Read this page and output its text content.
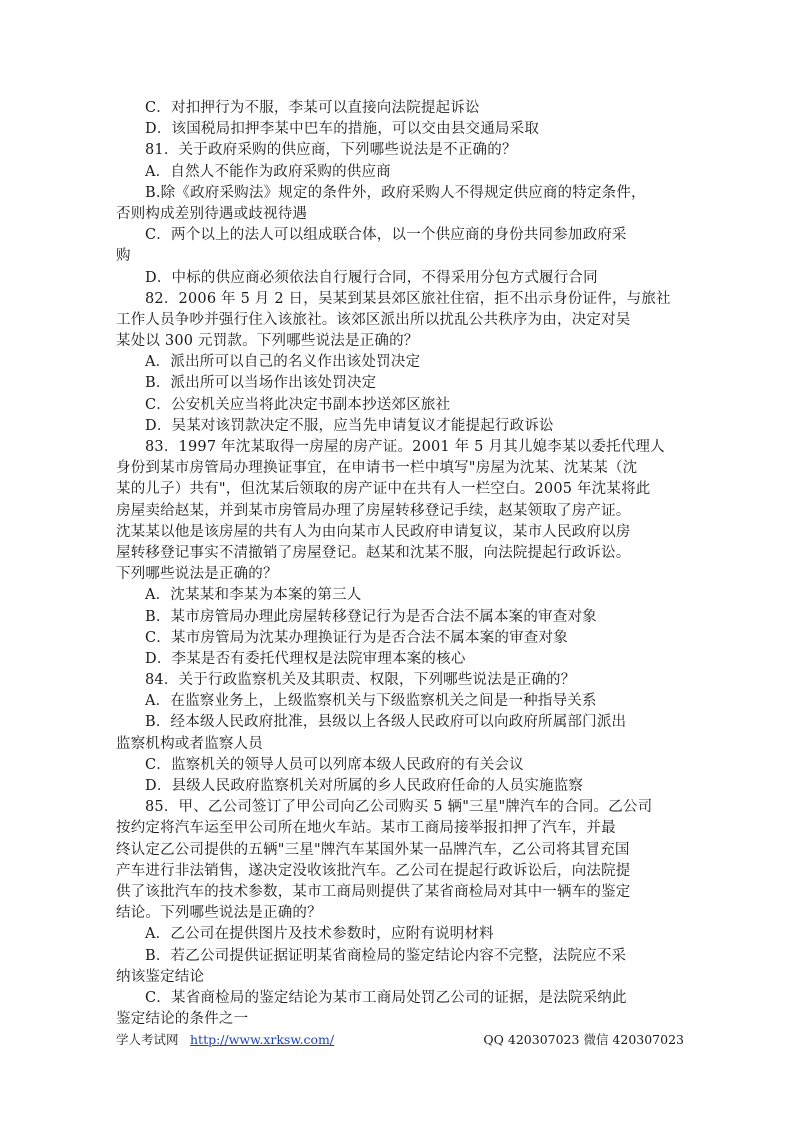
C．对扣押行为不服，李某可以直接向法院提起诉讼
D．该国税局扣押李某中巴车的措施，可以交由县交通局采取
81．关于政府采购的供应商，下列哪些说法是不正确的？
A．自然人不能作为政府采购的供应商
B.除《政府采购法》规定的条件外，政府采购人不得规定供应商的特定条件，
否则构成差别待遇或歧视待遇
C．两个以上的法人可以组成联合体，以一个供应商的身份共同参加政府采
购
D．中标的供应商必须依法自行履行合同，不得采用分包方式履行合同
82．2006 年 5 月 2 日，吴某到某县郊区旅社住宿，拒不出示身份证件，与旅社
工作人员争吵并强行住入该旅社。该郊区派出所以扰乱公共秩序为由，决定对吴
某处以 300 元罚款。下列哪些说法是正确的？
A．派出所可以自己的名义作出该处罚决定
B．派出所可以当场作出该处罚决定
C．公安机关应当将此决定书副本抄送郊区旅社
D．吴某对该罚款决定不服，应当先申请复议才能提起行政诉讼
83．1997 年沈某取得一房屋的房产证。2001 年 5 月其儿媳李某以委托代理人
身份到某市房管局办理换证事宜，在申请书一栏中填写"房屋为沈某、沈某某（沈
某的儿子）共有"，但沈某后领取的房产证中在共有人一栏空白。2005 年沈某将此
房屋卖给赵某，并到某市房管局办理了房屋转移登记手续，赵某领取了房产证。
沈某某以他是该房屋的共有人为由向某市人民政府申请复议，某市人民政府以房
屋转移登记事实不清撤销了房屋登记。赵某和沈某不服，向法院提起行政诉讼。
下列哪些说法是正确的？
A．沈某某和李某为本案的第三人
B．某市房管局办理此房屋转移登记行为是否合法不属本案的审查对象
C．某市房管局为沈某办理换证行为是否合法不属本案的审查对象
D．李某是否有委托代理权是法院审理本案的核心
84．关于行政监察机关及其职责、权限，下列哪些说法是正确的？
A．在监察业务上，上级监察机关与下级监察机关之间是一种指导关系
B．经本级人民政府批准，县级以上各级人民政府可以向政府所属部门派出
监察机构或者监察人员
C．监察机关的领导人员可以列席本级人民政府的有关会议
D．县级人民政府监察机关对所属的乡人民政府任命的人员实施监察
85．甲、乙公司签订了甲公司向乙公司购买 5 辆"三星"牌汽车的合同。乙公司
按约定将汽车运至甲公司所在地火车站。某市工商局接举报扣押了汽车，并最
终认定乙公司提供的五辆"三星"牌汽车某国外某一品牌汽车，乙公司将其冒充国
产车进行非法销售，遂决定没收该批汽车。乙公司在提起行政诉讼后，向法院提
供了该批汽车的技术参数，某市工商局则提供了某省商检局对其中一辆车的鉴定
结论。下列哪些说法是正确的？
A．乙公司在提供图片及技术参数时，应附有说明材料
B．若乙公司提供证据证明某省商检局的鉴定结论内容不完整，法院应不采
纳该鉴定结论
C．某省商检局的鉴定结论为某市工商局处罚乙公司的证据，是法院采纳此
鉴定结论的条件之一
学人考试网 http://www.xrksw.com/	QQ 420307023 微信 420307023
